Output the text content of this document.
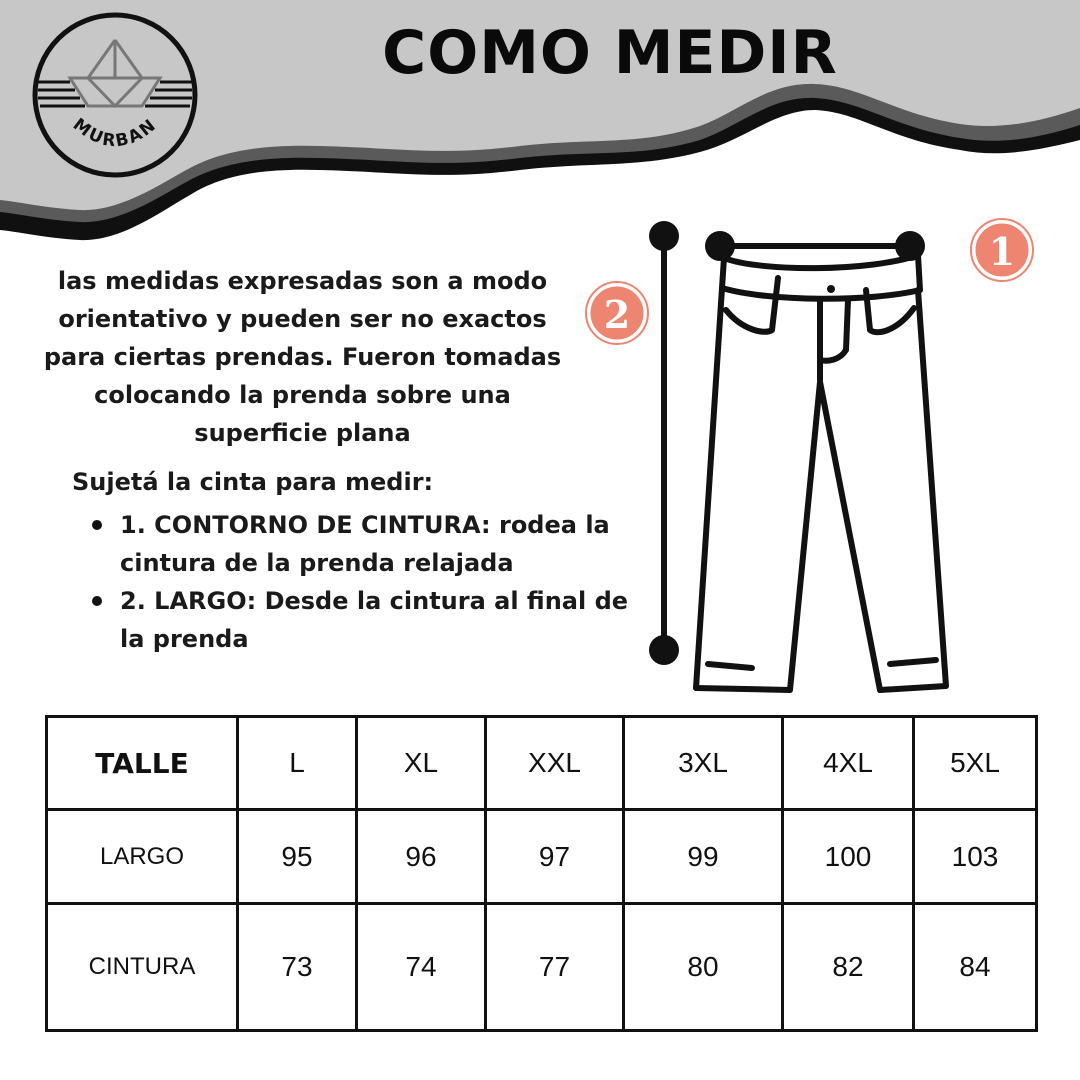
MURBAN
COMO MEDIR
las medidas expresadas son a modo orientativo y pueden ser no exactos para ciertas prendas. Fueron tomadas colocando la prenda sobre una superficie plana
Sujetá la cinta para medir:
1. CONTORNO DE CINTURA: rodea la cintura de la prenda relajada
2. LARGO: Desde la cintura al final de la prenda
2
1
TALLE	L	XL	XXL	3XL	4XL	5XL
LARGO	95	96	97	99	100	103
CINTURA	73	74	77	80	82	84
